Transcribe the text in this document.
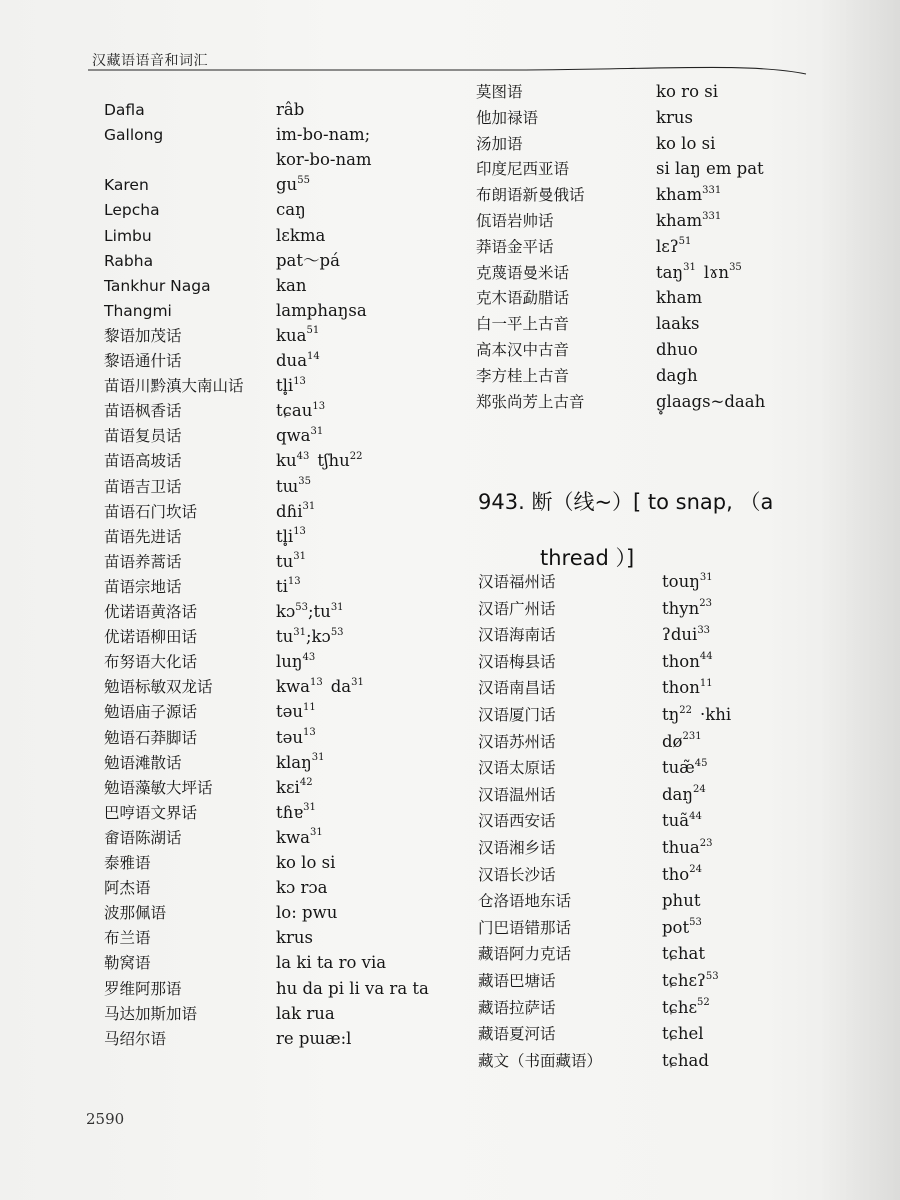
汉藏语语音和词汇
Dafla	râb
Gallong	im-bo-nam;
kor-bo-nam
Karen	$gu^{55}$
Lepcha	caŋ
Limbu	lɛkma
Rabha	pat～pá
Tankhur Naga	kan
Thangmi	lamphaŋsa
黎语加茂话	kua$^{51}$
黎语通什话	dua$^{14}$
苗语川黔滇大南山话 $tl̥i^{13}$
苗语枫香话	tɕau$^{13}$
苗语复员话	qwa$^{31}$
苗语高坡话	$ku^{43}$ tʃhu$^{22}$
苗语吉卫话	tɯ$^{35}$
苗语石门坎话	dɦi$^{31}$
苗语先进话	$tl̥i^{13}$
苗语养蒿话	$tu^{31}$
苗语宗地话	$ti^{13}$
优诺语黄洛话	$kɔ^{53};tu^{31}$
优诺语柳田话	$tu^{31};kɔ^{53}$
布努语大化话	luŋ$^{43}$
勉语标敏双龙话	kwa$^{13}$ $da^{31}$
勉语庙子源话	təu$^{11}$
勉语石莽脚话	təu$^{13}$
勉语滩散话	klaŋ$^{31}$
勉语藻敏大坪话	kɛi$^{42}$
巴哼语文界话	tɦɐ$^{31}$
畲语陈湖话	kwa$^{31}$
泰雅语	ko lo si
阿杰语	kɔ rɔa
波那佩语	lo: pwu
布兰语	krus
勒窝语	la ki ta ro via
罗维阿那语	hu da pi li va ra ta
马达加斯加语	lak rua
马绍尔语	re pɯæ:l
莫图语	ko ro si
他加禄语	krus
汤加语	ko lo si
印度尼西亚语	si laŋ em pat
布朗语新曼俄话	kham$^{331}$
佤语岩帅话	kham$^{331}$
莽语金平话	lɛʔ$^{51}$
克蔑语曼米话	taŋ$^{31}$ lɤn$^{35}$
克木语勐腊话	kham
白一平上古音	laaks
高本汉中古音	dhuo
李方桂上古音	dagh
郑张尚芳上古音	g̥laags~daah
943. 断（线~）[ to snap, （a
thread ）]
汉语福州话	touŋ$^{31}$
汉语广州话	thyn$^{23}$
汉语海南话	ʔdui$^{33}$
汉语梅县话	thon$^{44}$
汉语南昌话	thon$^{11}$
汉语厦门话	$tŋ^{22} \cdot khi$
汉语苏州话	$dø^{231}$
汉语太原话	tuæ̃$^{45}$
汉语温州话	daŋ$^{24}$
汉语西安话	tuã$^{44}$
汉语湘乡话	thua$^{23}$
汉语长沙话	tho$^{24}$
仓洛语地东话	phut
门巴语错那话	pot$^{53}$
藏语阿力克话	tɕhat
藏语巴塘话	tɕhɛʔ$^{53}$
藏语拉萨话	tɕhɛ$^{52}$
藏语夏河话	tɕhel
藏文（书面藏语）	tɕhad
2590
